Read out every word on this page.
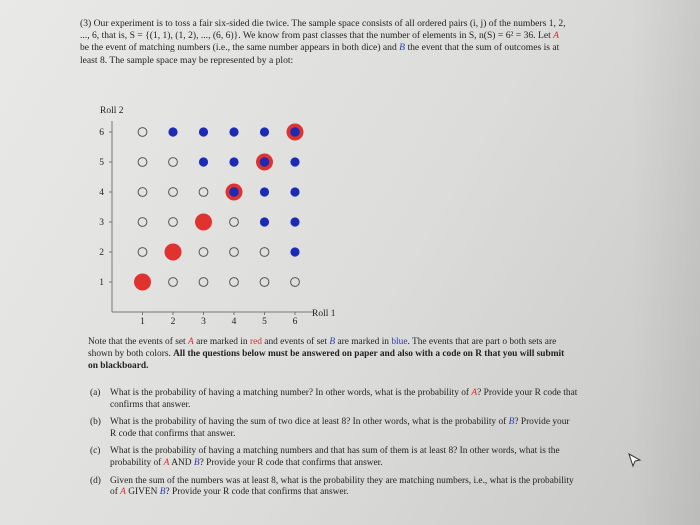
(3) Our experiment is to toss a fair six-sided die twice. The sample space consists of all ordered pairs (i, j) of the numbers 1, 2, ..., 6, that is, S = {(1, 1), (1, 2), ..., (6, 6)}. We know from past classes that the number of elements in S, n(S) = 6² = 36. Let A be the event of matching numbers (i.e., the same number appears in both dice) and B the event that the sum of outcomes is at least 8. The sample space may be represented by a plot:
1	2	3	4	5	6
1
2
3
4
5
6
Roll 2
Roll 1
Note that the events of set A are marked in red and events of set B are marked in blue. The events that are part o both sets are shown by both colors. All the questions below must be answered on paper and also with a code on R that you will submit on blackboard.
(a) What is the probability of having a matching number? In other words, what is the probability of A? Provide your R code that confirms that answer.
(b) What is the probability of having the sum of two dice at least 8? In other words, what is the probability of B? Provide your R code that confirms that answer.
(c) What is the probability of having a matching numbers and that has sum of them is at least 8? In other words, what is the probability of A AND B? Provide your R code that confirms that answer.
(d) Given the sum of the numbers was at least 8, what is the probability they are matching numbers, i.e., what is the probability of A GIVEN B? Provide your R code that confirms that answer.
